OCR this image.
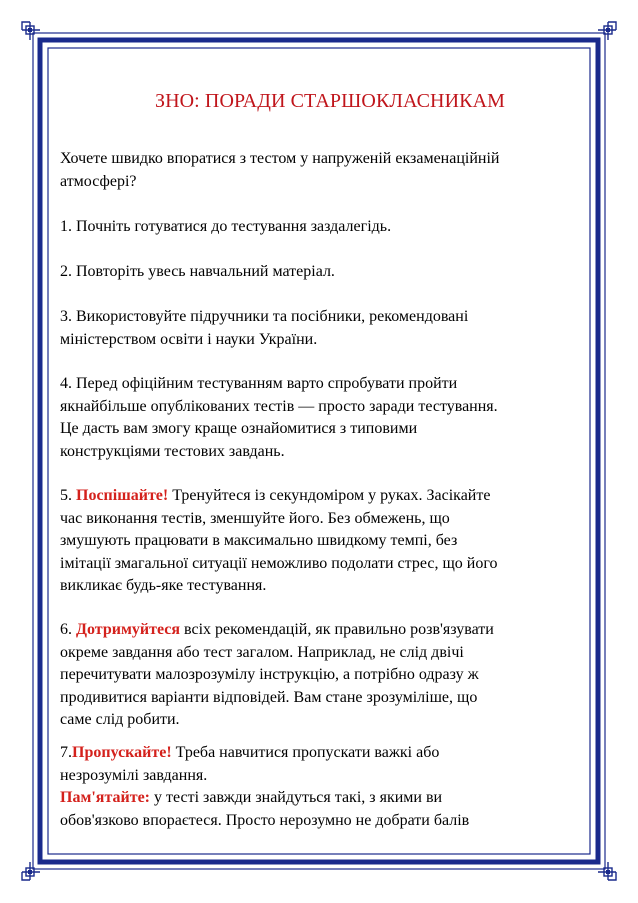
ЗНО: ПОРАДИ СТАРШОКЛАСНИКАМ
Хочете швидко впоратися з тестом у напруженій екзаменаційній
атмосфері?
1. Почніть готуватися до тестування заздалегідь.
2. Повторіть увесь навчальний матеріал.
3. Використовуйте підручники та посібники, рекомендовані
міністерством освіти і науки України.
4. Перед офіційним тестуванням варто спробувати пройти
якнайбільше опублікованих тестів — просто заради тестування.
Це дасть вам змогу краще ознайомитися з типовими
конструкціями тестових завдань.
5. Поспішайте! Тренуйтеся із секундоміром у руках. Засікайте
час виконання тестів, зменшуйте його. Без обмежень, що
змушують працювати в максимально швидкому темпі, без
імітації змагальної ситуації неможливо подолати стрес, що його
викликає будь-яке тестування.
6. Дотримуйтеся всіх рекомендацій, як правильно розв'язувати
окреме завдання або тест загалом. Наприклад, не слід двічі
перечитувати малозрозумілу інструкцію, а потрібно одразу ж
продивитися варіанти відповідей. Вам стане зрозуміліше, що
саме слід робити.
7.Пропускайте! Треба навчитися пропускати важкі або
незрозумілі завдання.
Пам'ятайте: у тесті завжди знайдуться такі, з якими ви
обов'язково впораєтеся. Просто нерозумно не добрати балів
